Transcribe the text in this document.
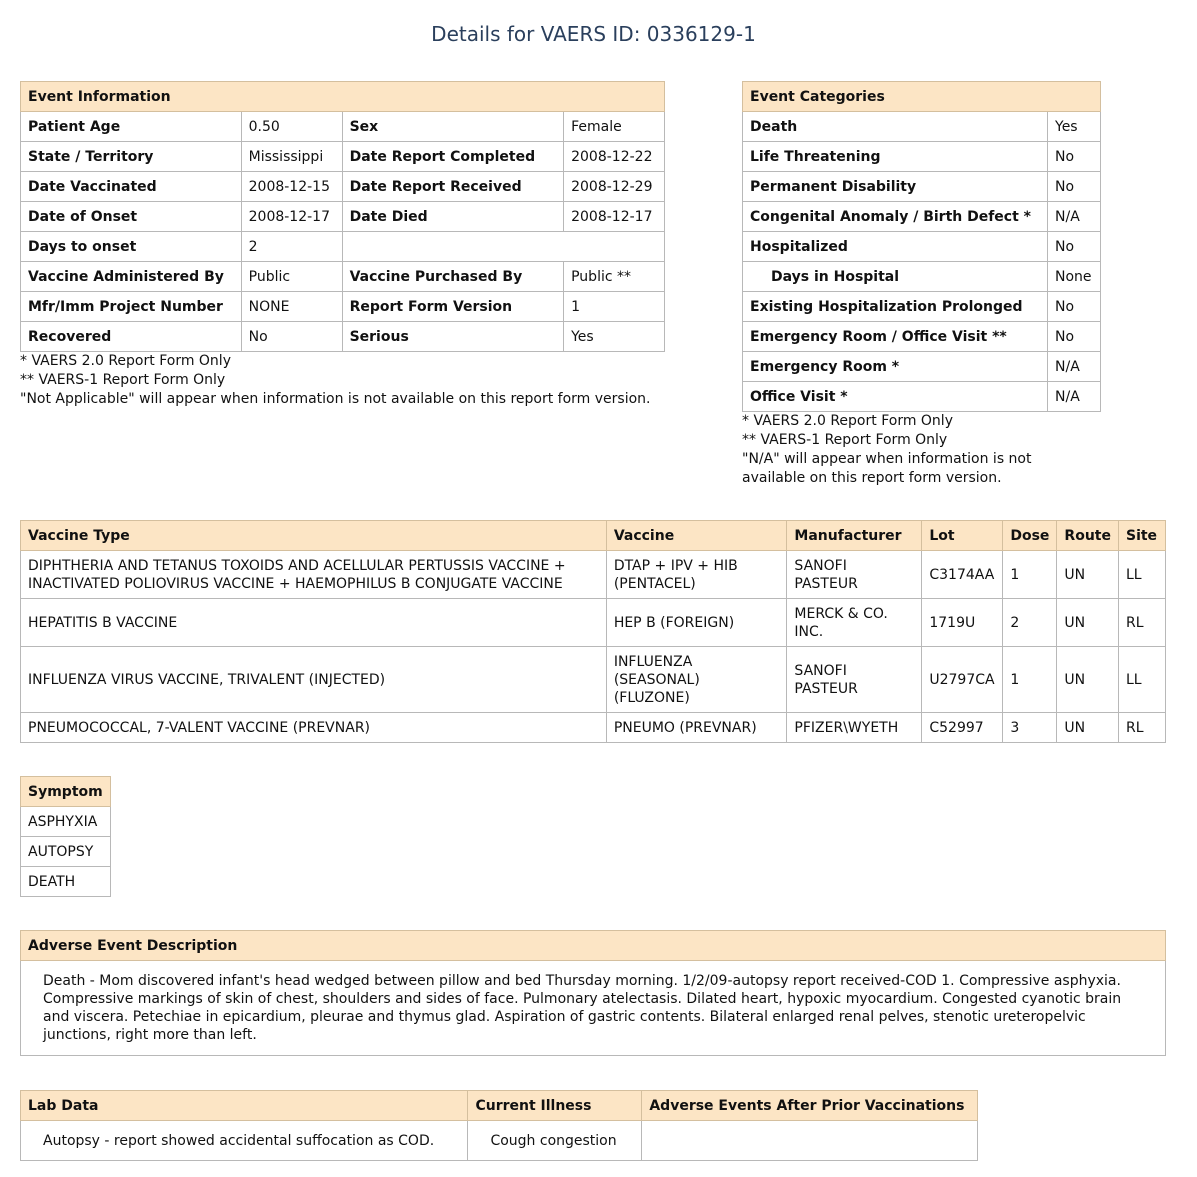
Details for VAERS ID: 0336129-1
Event Information			
Patient Age	0.50	Sex	Female
State / Territory	Mississippi	Date Report Completed	2008-12-22
Date Vaccinated	2008-12-15	Date Report Received	2008-12-29
Date of Onset	2008-12-17	Date Died	2008-12-17
Days to onset	2		
Vaccine Administered By	Public	Vaccine Purchased By	Public **
Mfr/Imm Project Number	NONE	Report Form Version	1
Recovered	No	Serious	Yes
* VAERS 2.0 Report Form Only
** VAERS-1 Report Form Only
"Not Applicable" will appear when information is not available on this report form version.
Event Categories	
Death	Yes
Life Threatening	No
Permanent Disability	No
Congenital Anomaly / Birth Defect *	N/A
Hospitalized	No
Days in Hospital	None
Existing Hospitalization Prolonged	No
Emergency Room / Office Visit **	No
Emergency Room *	N/A
Office Visit *	N/A
* VAERS 2.0 Report Form Only
** VAERS-1 Report Form Only
"N/A" will appear when information is not
available on this report form version.
Vaccine Type	Vaccine	Manufacturer	Lot	Dose	Route	Site
DIPHTHERIA AND TETANUS TOXOIDS AND ACELLULAR PERTUSSIS VACCINE + INACTIVATED POLIOVIRUS VACCINE + HAEMOPHILUS B CONJUGATE VACCINE	DTAP + IPV + HIB (PENTACEL)	SANOFI PASTEUR	C3174AA	1	UN	LL
HEPATITIS B VACCINE	HEP B (FOREIGN)	MERCK & CO. INC.	1719U	2	UN	RL
INFLUENZA VIRUS VACCINE, TRIVALENT (INJECTED)	INFLUENZA (SEASONAL) (FLUZONE)	SANOFI PASTEUR	U2797CA	1	UN	LL
PNEUMOCOCCAL, 7-VALENT VACCINE (PREVNAR)	PNEUMO (PREVNAR)	PFIZER\WYETH	C52997	3	UN	RL
Symptom
ASPHYXIA
AUTOPSY
DEATH
Adverse Event Description
Death - Mom discovered infant's head wedged between pillow and bed Thursday morning. 1/2/09-autopsy report received-COD 1. Compressive asphyxia. Compressive markings of skin of chest, shoulders and sides of face. Pulmonary atelectasis. Dilated heart, hypoxic myocardium. Congested cyanotic brain and viscera. Petechiae in epicardium, pleurae and thymus glad. Aspiration of gastric contents. Bilateral enlarged renal pelves, stenotic ureteropelvic junctions, right more than left.
Lab Data	Current Illness	Adverse Events After Prior Vaccinations
Autopsy - report showed accidental suffocation as COD.	Cough congestion	
